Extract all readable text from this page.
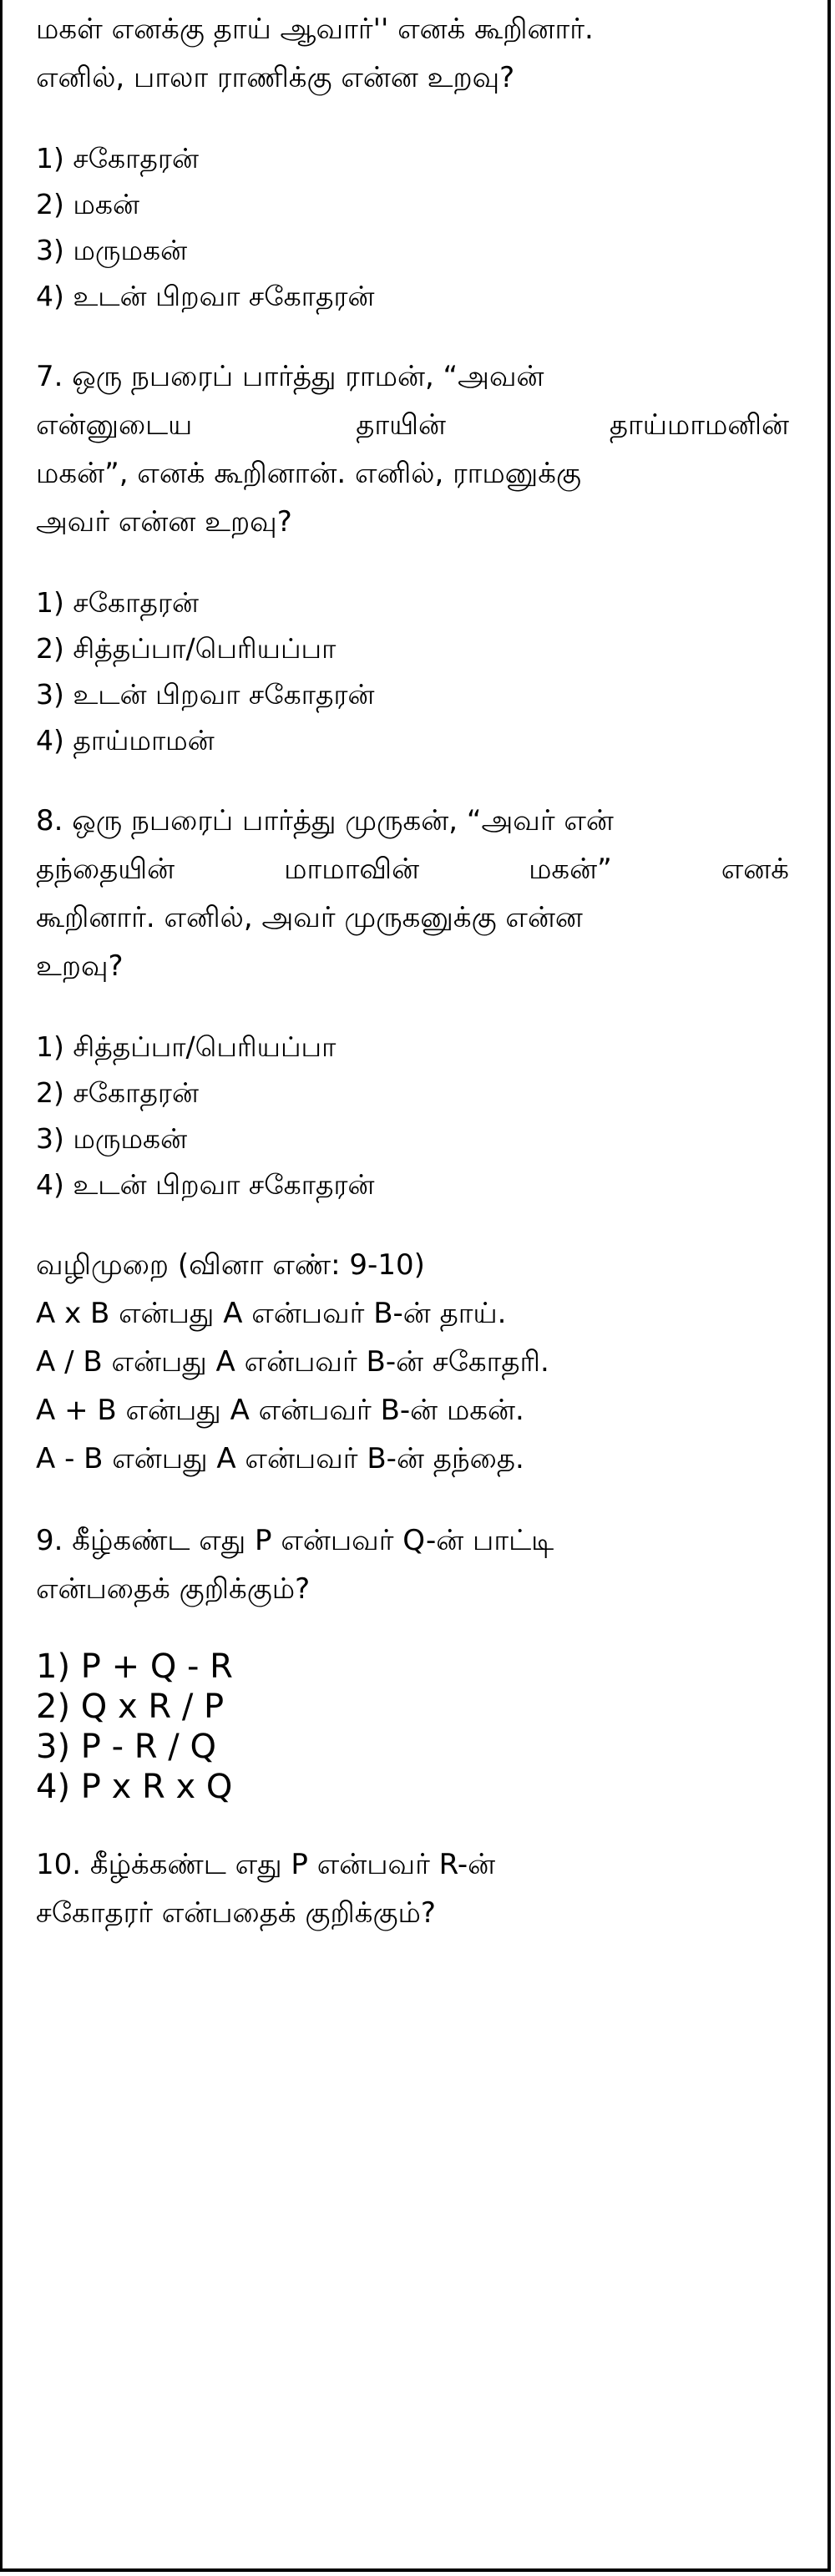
மகள் எனக்கு தாய் ஆவார்'' எனக் கூறினார்.

எனில், பாலா ராணிக்கு என்ன உறவு?

1) சகோதரன்

2) மகன்

3) மருமகன்

4) உடன் பிறவா சகோதரன்

7. ஒரு நபரைப் பார்த்து ராமன், “அவன்

என்னுடைய	தாயின்	தாய்மாமனின்

மகன்”, எனக் கூறினான். எனில், ராமனுக்கு

அவர் என்ன உறவு?

1) சகோதரன்

2) சித்தப்பா/பெரியப்பா

3) உடன் பிறவா சகோதரன்

4) தாய்மாமன்

8. ஒரு நபரைப் பார்த்து முருகன், “அவர் என்

தந்தையின்	மாமாவின்	மகன்”	எனக்

கூறினார். எனில், அவர் முருகனுக்கு என்ன

உறவு?

1) சித்தப்பா/பெரியப்பா

2) சகோதரன்

3) மருமகன்

4) உடன் பிறவா சகோதரன்

வழிமுறை (வினா எண்: 9-10)

A x B என்பது A என்பவர் B-ன் தாய்.

A / B என்பது A என்பவர் B-ன் சகோதரி.

A + B என்பது A என்பவர் B-ன் மகன்.

A - B என்பது A என்பவர் B-ன் தந்தை.

9. கீழ்கண்ட எது P என்பவர் Q-ன் பாட்டி

என்பதைக் குறிக்கும்?

1) P + Q - R

2) Q x R / P

3) P - R / Q

4) P x R x Q

10. கீழ்க்கண்ட எது P என்பவர் R-ன்

சகோதரர் என்பதைக் குறிக்கும்?
